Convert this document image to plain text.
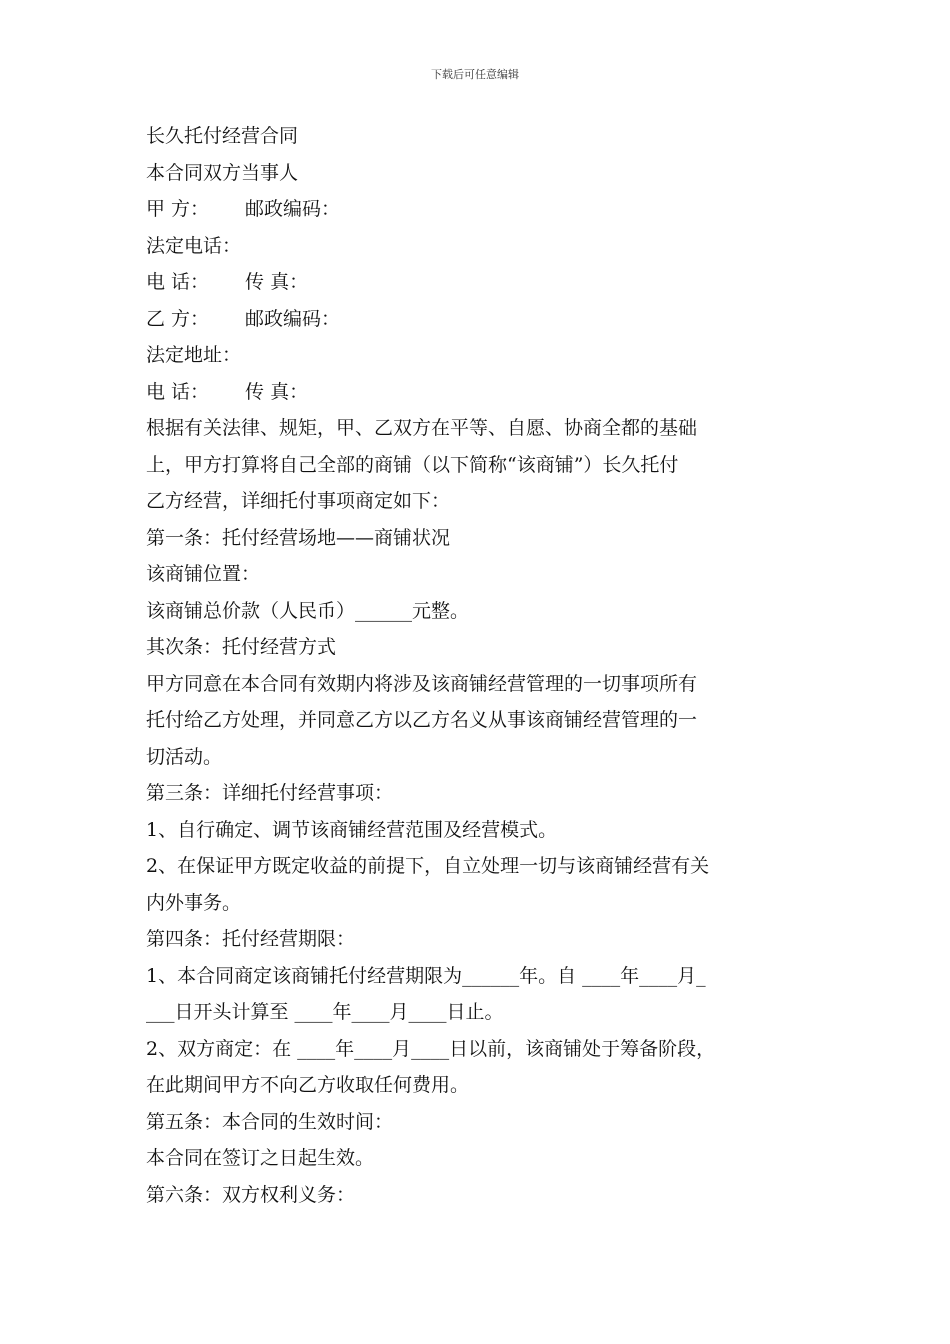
下载后可任意编辑
长久托付经营合同
本合同双方当事人
甲 方： 邮政编码：
法定电话：
电 话： 传 真：
乙 方： 邮政编码：
法定地址：
电 话： 传 真：
根据有关法律、规矩，甲、乙双方在平等、自愿、协商全都的基础
上，甲方打算将自己全部的商铺（以下简称“该商铺”）长久托付
乙方经营，详细托付事项商定如下：
第一条：托付经营场地——商铺状况
该商铺位置：
该商铺总价款（人民币）______元整。
其次条：托付经营方式
甲方同意在本合同有效期内将涉及该商铺经营管理的一切事项所有
托付给乙方处理，并同意乙方以乙方名义从事该商铺经营管理的一
切活动。
第三条：详细托付经营事项：
1、自行确定、调节该商铺经营范围及经营模式。
2、在保证甲方既定收益的前提下，自立处理一切与该商铺经营有关
内外事务。
第四条：托付经营期限：
1、本合同商定该商铺托付经营期限为______年。自 ____年____月_
___日开头计算至 ____年____月____日止。
2、双方商定：在 ____年____月____日以前，该商铺处于筹备阶段，
在此期间甲方不向乙方收取任何费用。
第五条：本合同的生效时间：
本合同在签订之日起生效。
第六条：双方权利义务：
